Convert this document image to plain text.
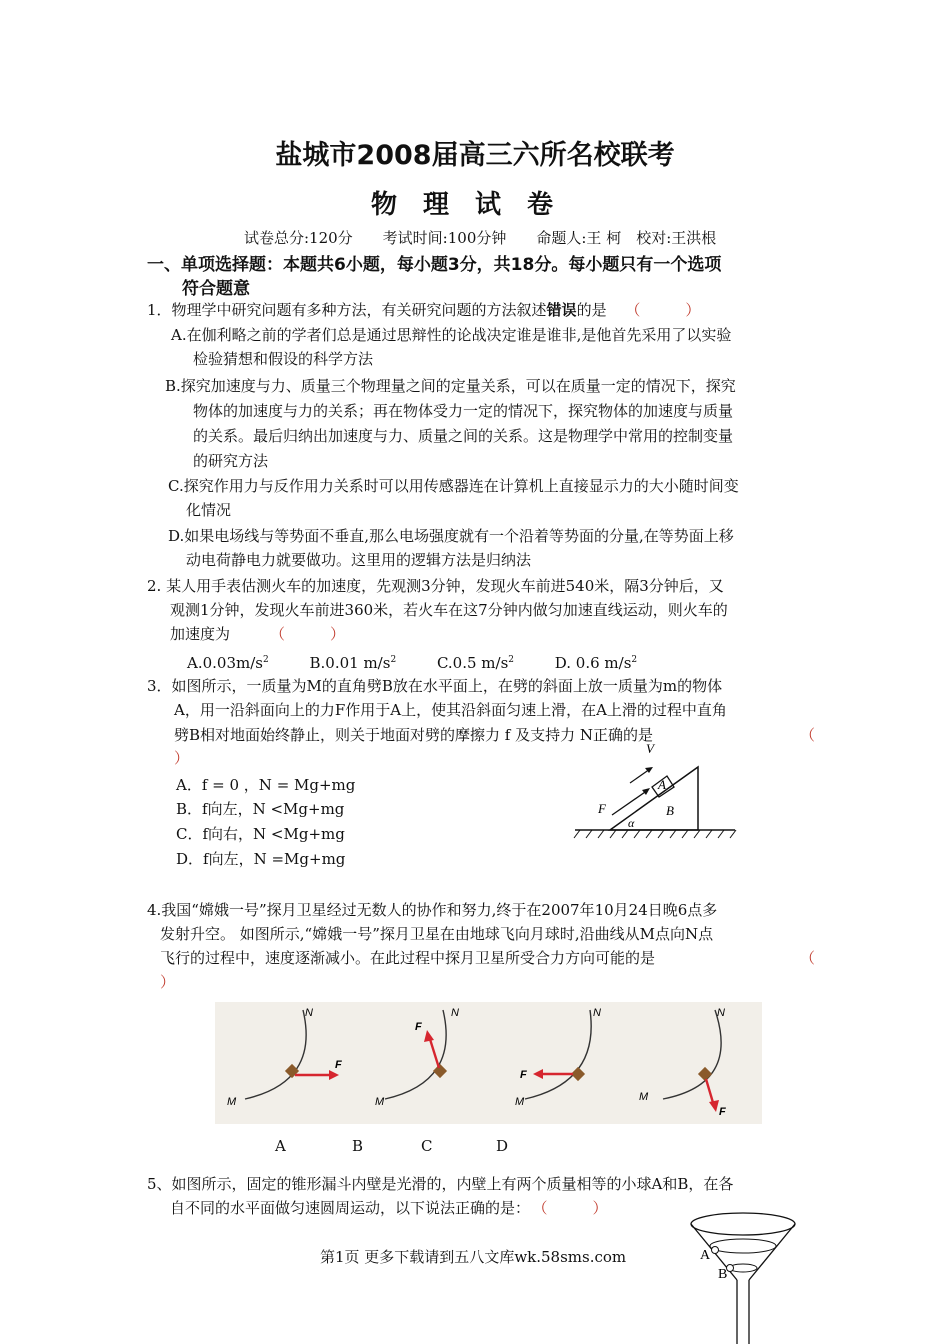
盐城市2008届高三六所名校联考
物理试卷
试卷总分:120分　　考试时间:100分钟　　命题人:王 柯　校对:王洪根
一、单项选择题：本题共6小题，每小题3分，共18分。每小题只有一个选项
符合题意
1．物理学中研究问题有多种方法，有关研究问题的方法叙述错误的是 （　　　）
A.在伽利略之前的学者们总是通过思辩性的论战决定谁是谁非,是他首先采用了以实验
检验猜想和假设的科学方法
B.探究加速度与力、质量三个物理量之间的定量关系，可以在质量一定的情况下，探究
物体的加速度与力的关系；再在物体受力一定的情况下，探究物体的加速度与质量
的关系。最后归纳出加速度与力、质量之间的关系。这是物理学中常用的控制变量
的研究方法
C.探究作用力与反作用力关系时可以用传感器连在计算机上直接显示力的大小随时间变
化情况
D.如果电场线与等势面不垂直,那么电场强度就有一个沿着等势面的分量,在等势面上移
动电荷静电力就要做功。这里用的逻辑方法是归纳法
2. 某人用手表估测火车的加速度，先观测3分钟，发现火车前进540米，隔3分钟后，又
观测1分钟，发现火车前进360米，若火车在这7分钟内做匀加速直线运动，则火车的
加速度为	（　　　）
$A.0.03m/s^2$	B.0.01 $m/s^2$	C.0.5 $m/s^2$	D. 0.6 $m/s^2$
3．如图所示，一质量为M的直角劈B放在水平面上，在劈的斜面上放一质量为m的物体
A，用一沿斜面向上的力F作用于A上，使其沿斜面匀速上滑，在A上滑的过程中直角
劈B相对地面始终静止，则关于地面对劈的摩擦力 f 及支持力 N正确的是	（
）
A．f = 0 ，N = Mg+mg
B．f向左，N <Mg+mg
C．f向右，N <Mg+mg
D．f向左，N =Mg+mg
V
A
B
F
α
4.我国“嫦娥一号”探月卫星经过无数人的协作和努力,终于在2007年10月24日晚6点多
发射升空。 如图所示,“嫦娥一号”探月卫星在由地球飞向月球时,沿曲线从M点向N点
飞行的过程中，速度逐渐减小。在此过程中探月卫星所受合力方向可能的是	（
）
N
M
F
N
M
F
N
M
F
N
M
F
A	B	C	D
5、如图所示，固定的锥形漏斗内壁是光滑的，内壁上有两个质量相等的小球A和B，在各
自不同的水平面做匀速圆周运动，以下说法正确的是： （　　　）
A
B
第1页 更多下载请到五八文库wk.58sms.com
